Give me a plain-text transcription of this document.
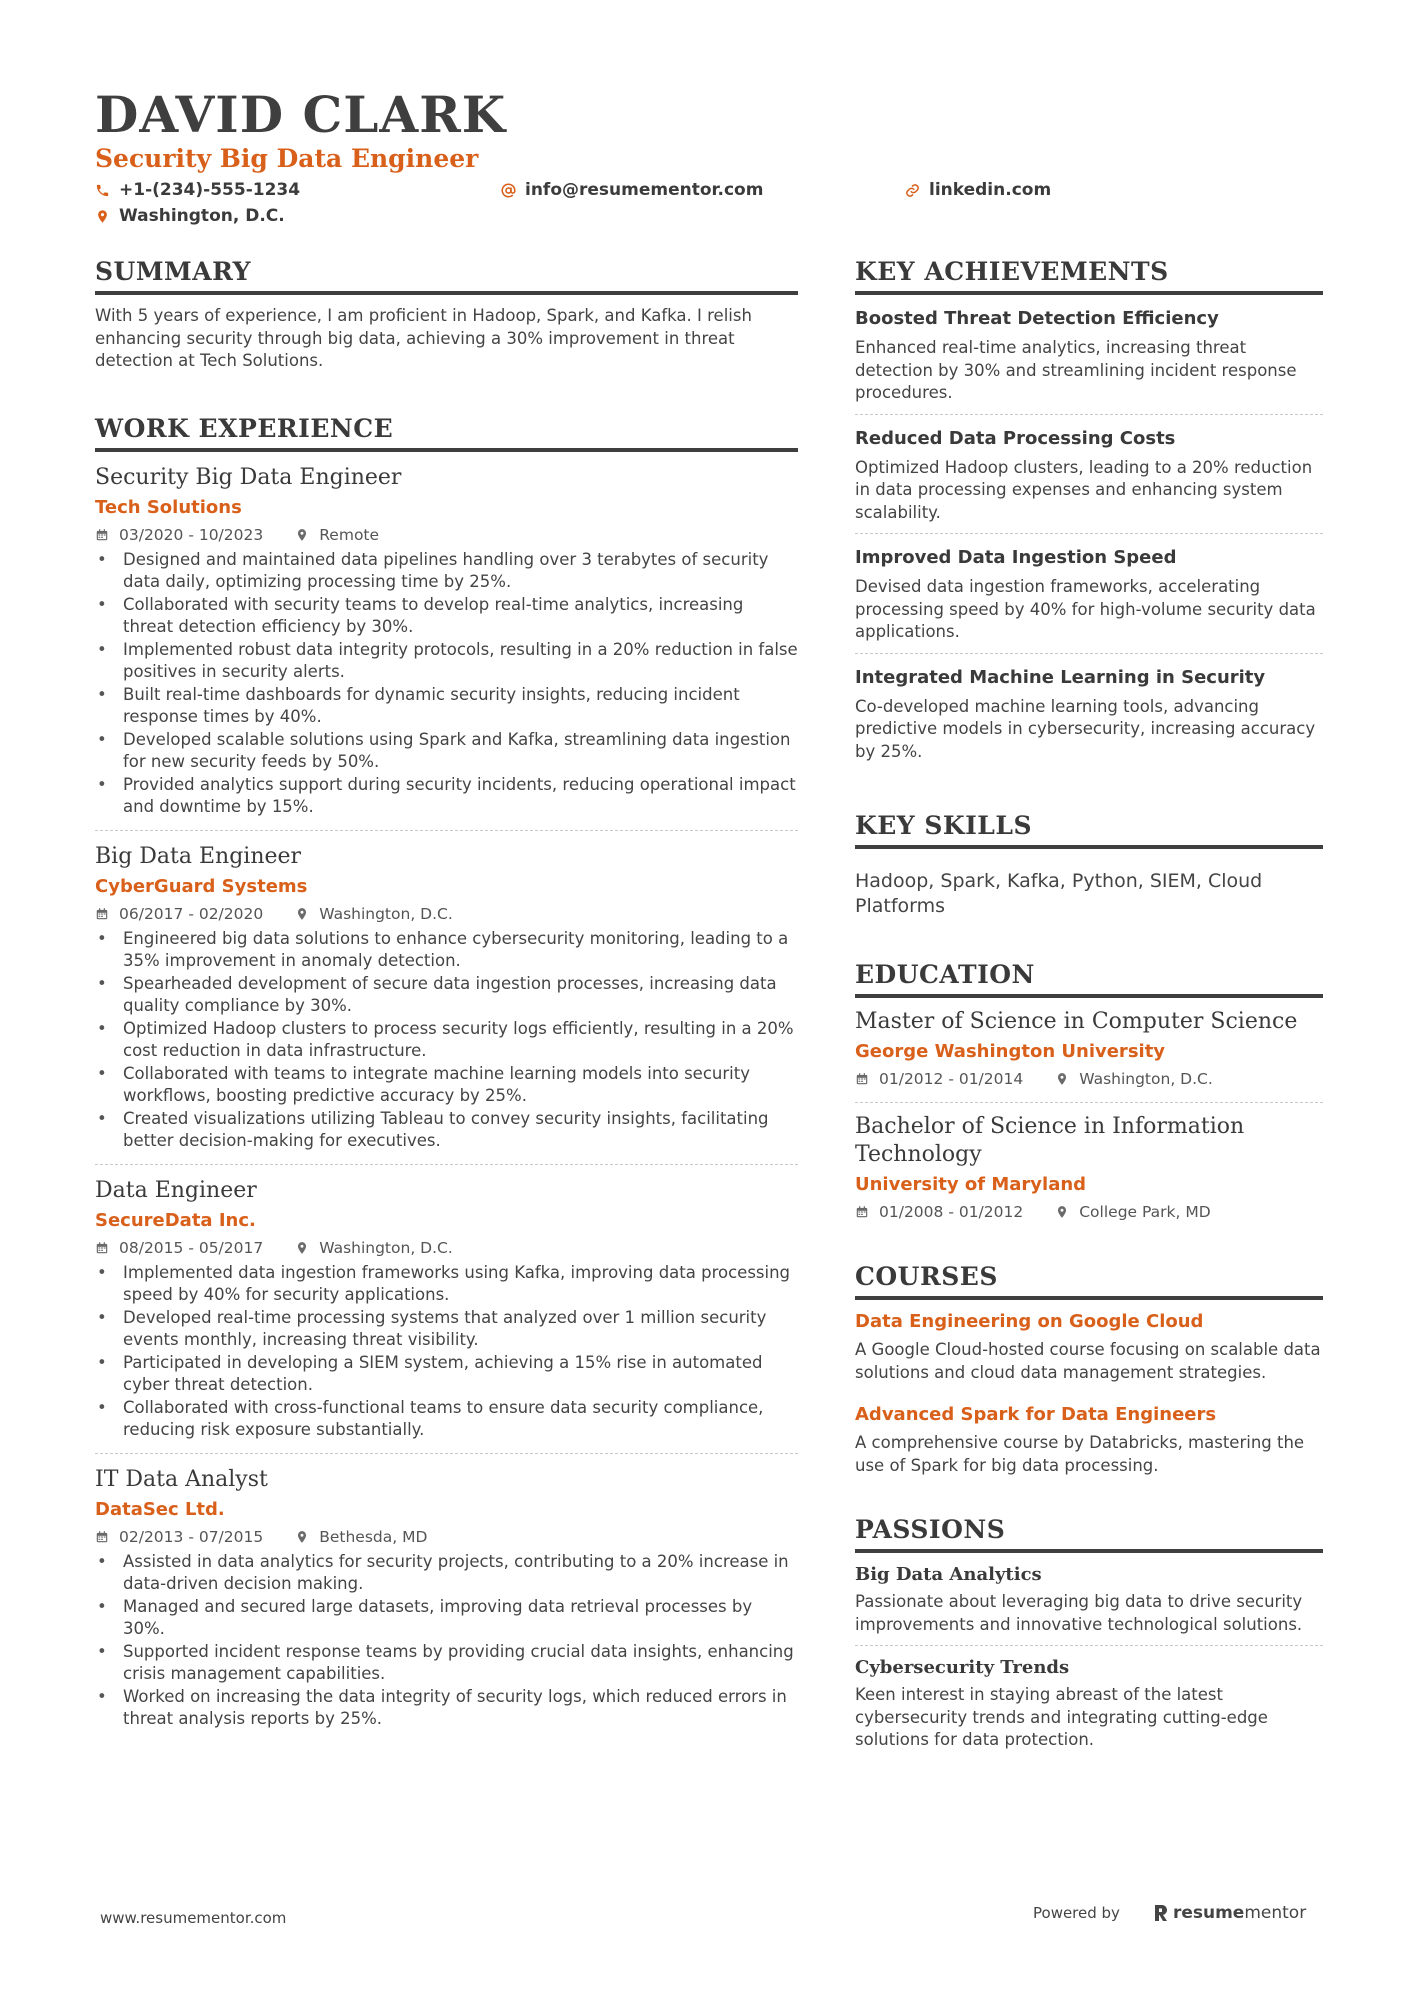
DAVID CLARK
Security Big Data Engineer
+1-(234)-555-1234	info@resumementor.com	linkedin.com
Washington, D.C.
SUMMARY
With 5 years of experience, I am proficient in Hadoop, Spark, and Kafka. I relish enhancing security through big data, achieving a 30% improvement in threat detection at Tech Solutions.
WORK EXPERIENCE
Security Big Data Engineer
Tech Solutions
03/2020 - 10/2023	Remote
• Designed and maintained data pipelines handling over 3 terabytes of security data daily, optimizing processing time by 25%.
• Collaborated with security teams to develop real-time analytics, increasing threat detection efficiency by 30%.
• Implemented robust data integrity protocols, resulting in a 20% reduction in false positives in security alerts.
• Built real-time dashboards for dynamic security insights, reducing incident response times by 40%.
• Developed scalable solutions using Spark and Kafka, streamlining data ingestion for new security feeds by 50%.
• Provided analytics support during security incidents, reducing operational impact and downtime by 15%.
Big Data Engineer
CyberGuard Systems
06/2017 - 02/2020	Washington, D.C.
• Engineered big data solutions to enhance cybersecurity monitoring, leading to a 35% improvement in anomaly detection.
• Spearheaded development of secure data ingestion processes, increasing data quality compliance by 30%.
• Optimized Hadoop clusters to process security logs efficiently, resulting in a 20% cost reduction in data infrastructure.
• Collaborated with teams to integrate machine learning models into security workflows, boosting predictive accuracy by 25%.
• Created visualizations utilizing Tableau to convey security insights, facilitating better decision-making for executives.
Data Engineer
SecureData Inc.
08/2015 - 05/2017	Washington, D.C.
• Implemented data ingestion frameworks using Kafka, improving data processing speed by 40% for security applications.
• Developed real-time processing systems that analyzed over 1 million security events monthly, increasing threat visibility.
• Participated in developing a SIEM system, achieving a 15% rise in automated cyber threat detection.
• Collaborated with cross-functional teams to ensure data security compliance, reducing risk exposure substantially.
IT Data Analyst
DataSec Ltd.
02/2013 - 07/2015	Bethesda, MD
• Assisted in data analytics for security projects, contributing to a 20% increase in data-driven decision making.
• Managed and secured large datasets, improving data retrieval processes by 30%.
• Supported incident response teams by providing crucial data insights, enhancing crisis management capabilities.
• Worked on increasing the data integrity of security logs, which reduced errors in threat analysis reports by 25%.
KEY ACHIEVEMENTS
Boosted Threat Detection Efficiency
Enhanced real-time analytics, increasing threat detection by 30% and streamlining incident response procedures.
Reduced Data Processing Costs
Optimized Hadoop clusters, leading to a 20% reduction in data processing expenses and enhancing system scalability.
Improved Data Ingestion Speed
Devised data ingestion frameworks, accelerating processing speed by 40% for high-volume security data applications.
Integrated Machine Learning in Security
Co-developed machine learning tools, advancing predictive models in cybersecurity, increasing accuracy by 25%.
KEY SKILLS
Hadoop, Spark, Kafka, Python, SIEM, Cloud Platforms
EDUCATION
Master of Science in Computer Science
George Washington University
01/2012 - 01/2014	Washington, D.C.
Bachelor of Science in Information Technology
University of Maryland
01/2008 - 01/2012	College Park, MD
COURSES
Data Engineering on Google Cloud
A Google Cloud-hosted course focusing on scalable data solutions and cloud data management strategies.
Advanced Spark for Data Engineers
A comprehensive course by Databricks, mastering the use of Spark for big data processing.
PASSIONS
Big Data Analytics
Passionate about leveraging big data to drive security improvements and innovative technological solutions.
Cybersecurity Trends
Keen interest in staying abreast of the latest cybersecurity trends and integrating cutting-edge solutions for data protection.
www.resumementor.com	Powered by	resume mentor
